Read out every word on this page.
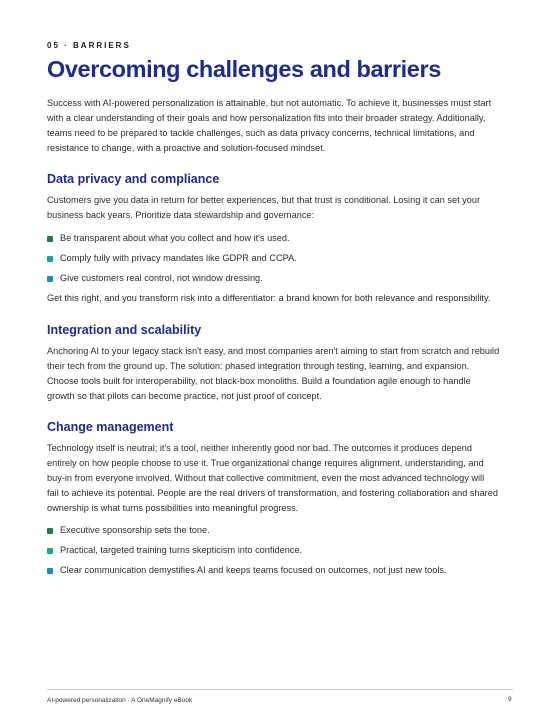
05 · BARRIERS
Overcoming challenges and barriers

Success with AI-powered personalization is attainable, but not automatic. To achieve it, businesses must start
with a clear understanding of their goals and how personalization fits into their broader strategy. Additionally,
teams need to be prepared to tackle challenges, such as data privacy concerns, technical limitations, and
resistance to change, with a proactive and solution-focused mindset.

Data privacy and compliance

Customers give you data in return for better experiences, but that trust is conditional. Losing it can set your
business back years. Prioritize data stewardship and governance:

Be transparent about what you collect and how it's used.
Comply fully with privacy mandates like GDPR and CCPA.
Give customers real control, not window dressing.

Get this right, and you transform risk into a differentiator: a brand known for both relevance and responsibility.

Integration and scalability

Anchoring AI to your legacy stack isn't easy, and most companies aren't aiming to start from scratch and rebuild
their tech from the ground up. The solution: phased integration through testing, learning, and expansion.
Choose tools built for interoperability, not black-box monoliths. Build a foundation agile enough to handle
growth so that pilots can become practice, not just proof of concept.

Change management

Technology itself is neutral; it's a tool, neither inherently good nor bad. The outcomes it produces depend
entirely on how people choose to use it. True organizational change requires alignment, understanding, and
buy-in from everyone involved. Without that collective commitment, even the most advanced technology will
fail to achieve its potential. People are the real drivers of transformation, and fostering collaboration and shared
ownership is what turns possibilities into meaningful progress.

Executive sponsorship sets the tone.
Practical, targeted training turns skepticism into confidence.
Clear communication demystifies AI and keeps teams focused on outcomes, not just new tools.
AI-powered personalization · A OneMagnify eBook	9
